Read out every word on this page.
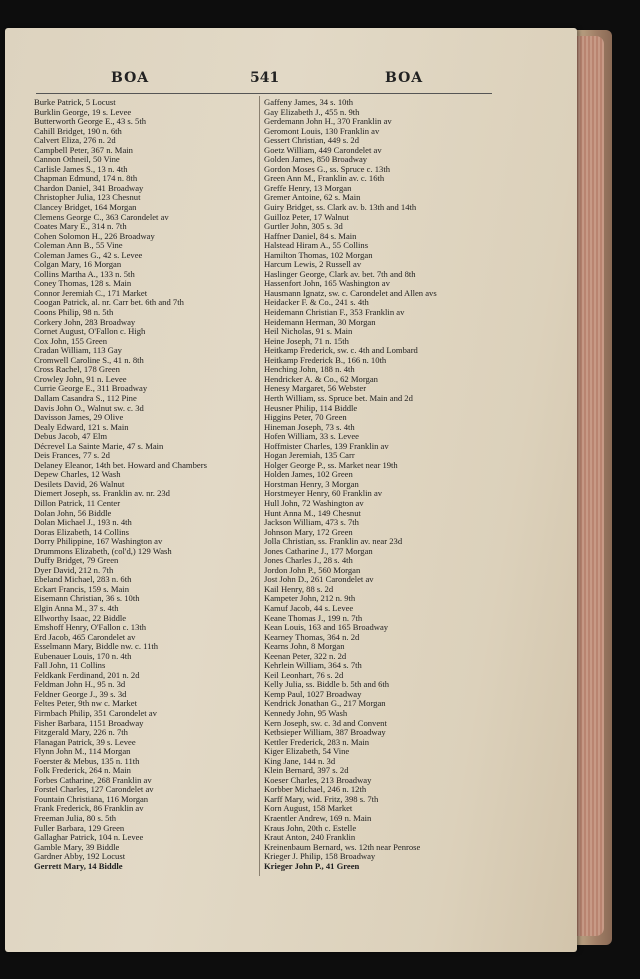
BOA	541	BOA
Burke Patrick, 5 Locust
Burklin George, 19 s. Levee
Butterworth George E., 43 s. 5th
Cahill Bridget, 190 n. 6th
Calvert Eliza, 276 n. 2d
Campbell Peter, 367 n. Main
Cannon Othneil, 50 Vine
Carlisle James S., 13 n. 4th
Chapman Edmund, 174 n. 8th
Chardon Daniel, 341 Broadway
Christopher Julia, 123 Chesnut
Clancey Bridget, 164 Morgan
Clemens George C., 363 Carondelet av
Coates Mary E., 314 n. 7th
Cohen Solomon H., 226 Broadway
Coleman Ann B., 55 Vine
Coleman James G., 42 s. Levee
Colgan Mary, 16 Morgan
Collins Martha A., 133 n. 5th
Coney Thomas, 128 s. Main
Connor Jeremiah C., 171 Market
Coogan Patrick, al. nr. Carr bet. 6th and 7th
Coons Philip, 98 n. 5th
Corkery John, 283 Broadway
Cornet August, O'Fallon c. High
Cox John, 155 Green
Cradan William, 113 Gay
Cromwell Caroline S., 41 n. 8th
Cross Rachel, 178 Green
Crowley John, 91 n. Levee
Currie George E., 311 Broadway
Dallam Casandra S., 112 Pine
Davis John O., Walnut sw. c. 3d
Davisson James, 29 Olive
Dealy Edward, 121 s. Main
Debus Jacob, 47 Elm
Décrevel La Sainte Marie, 47 s. Main
Deis Frances, 77 s. 2d
Delaney Eleanor, 14th bet. Howard and Chambers
Depew Charles, 12 Wash
Desilets David, 26 Walnut
Diemert Joseph, ss. Franklin av. nr. 23d
Dillon Patrick, 11 Center
Dolan John, 56 Biddle
Dolan Michael J., 193 n. 4th
Doras Elizabeth, 14 Collins
Dorry Philippine, 167 Washington av
Drummons Elizabeth, (col'd,) 129 Wash
Duffy Bridget, 79 Green
Dyer David, 212 n. 7th
Ebeland Michael, 283 n. 6th
Eckart Francis, 159 s. Main
Eisemann Christian, 36 s. 10th
Elgin Anna M., 37 s. 4th
Ellworthy Isaac, 22 Biddle
Emshoff Henry, O'Fallon c. 13th
Erd Jacob, 465 Carondelet av
Esselmann Mary, Biddle nw. c. 11th
Eubenauer Louis, 170 n. 4th
Fall John, 11 Collins
Feldkank Ferdinand, 201 n. 2d
Feldman John H., 95 n. 3d
Feldner George J., 39 s. 3d
Feltes Peter, 9th nw c. Market
Firmbach Philip, 351 Carondelet av
Fisher Barbara, 1151 Broadway
Fitzgerald Mary, 226 n. 7th
Flanagan Patrick, 39 s. Levee
Flynn John M., 114 Morgan
Foerster & Mebus, 135 n. 11th
Folk Frederick, 264 n. Main
Forbes Catharine, 268 Franklin av
Forstel Charles, 127 Carondelet av
Fountain Christiana, 116 Morgan
Frank Frederick, 86 Franklin av
Freeman Julia, 80 s. 5th
Fuller Barbara, 129 Green
Gallaghar Patrick, 104 n. Levee
Gamble Mary, 39 Biddle
Gardner Abby, 192 Locust
Gerrett Mary, 14 Biddle
Gaffeny James, 34 s. 10th
Gay Elizabeth J., 455 n. 9th
Gerdemann John H., 370 Franklin av
Geromont Louis, 130 Franklin av
Gessert Christian, 449 s. 2d
Goetz William, 449 Carondelet av
Golden James, 850 Broadway
Gordon Moses G., ss. Spruce c. 13th
Green Ann M., Franklin av. c. 16th
Greffe Henry, 13 Morgan
Gremer Antoine, 62 s. Main
Guiry Bridget, ss. Clark av. b. 13th and 14th
Guilloz Peter, 17 Walnut
Gurtler John, 305 s. 3d
Haffner Daniel, 84 s. Main
Halstead Hiram A., 55 Collins
Hamilton Thomas, 102 Morgan
Harcum Lewis, 2 Russell av
Haslinger George, Clark av. bet. 7th and 8th
Hassenfort John, 165 Washington av
Hausmann Ignatz, sw. c. Carondelet and Allen avs
Heidacker F. & Co., 241 s. 4th
Heidemann Christian F., 353 Franklin av
Heidemann Herman, 30 Morgan
Heil Nicholas, 91 s. Main
Heine Joseph, 71 n. 15th
Heitkamp Frederick, sw. c. 4th and Lombard
Heitkamp Frederick B., 166 n. 10th
Henching John, 188 n. 4th
Hendricker A. & Co., 62 Morgan
Henesy Margaret, 56 Webster
Herth William, ss. Spruce bet. Main and 2d
Heusner Philip, 114 Biddle
Higgins Peter, 70 Green
Hineman Joseph, 73 s. 4th
Hofen William, 33 s. Levee
Hoffmister Charles, 139 Franklin av
Hogan Jeremiah, 135 Carr
Holger George P., ss. Market near 19th
Holden James, 102 Green
Horstman Henry, 3 Morgan
Horstmeyer Henry, 60 Franklin av
Hull John, 72 Washington av
Hunt Anna M., 149 Chesnut
Jackson William, 473 s. 7th
Johnson Mary, 172 Green
Jolla Christian, ss. Franklin av. near 23d
Jones Catharine J., 177 Morgan
Jones Charles J., 28 s. 4th
Jordon John P., 560 Morgan
Jost John D., 261 Carondelet av
Kail Henry, 88 s. 2d
Kampeter John, 212 n. 9th
Kamuf Jacob, 44 s. Levee
Keane Thomas J., 199 n. 7th
Kean Louis, 163 and 165 Broadway
Kearney Thomas, 364 n. 2d
Kearns John, 8 Morgan
Keenan Peter, 322 n. 2d
Kehrlein William, 364 s. 7th
Keil Leonhart, 76 s. 2d
Kelly Julia, ss. Biddle b. 5th and 6th
Kemp Paul, 1027 Broadway
Kendrick Jonathan G., 217 Morgan
Kennedy John, 95 Wash
Kern Joseph, sw. c. 3d and Convent
Ketbsieper William, 387 Broadway
Kettler Frederick, 283 n. Main
Kiger Elizabeth, 54 Vine
King Jane, 144 n. 3d
Klein Bernard, 397 s. 2d
Koeser Charles, 213 Broadway
Korbber Michael, 246 n. 12th
Karff Mary, wid. Fritz, 398 s. 7th
Korn August, 158 Market
Kraentler Andrew, 169 n. Main
Kraus John, 20th c. Estelle
Kraut Anton, 240 Franklin
Kreinenbaum Bernard, ws. 12th near Penrose
Krieger J. Philip, 158 Broadway
Krieger John P., 41 Green
